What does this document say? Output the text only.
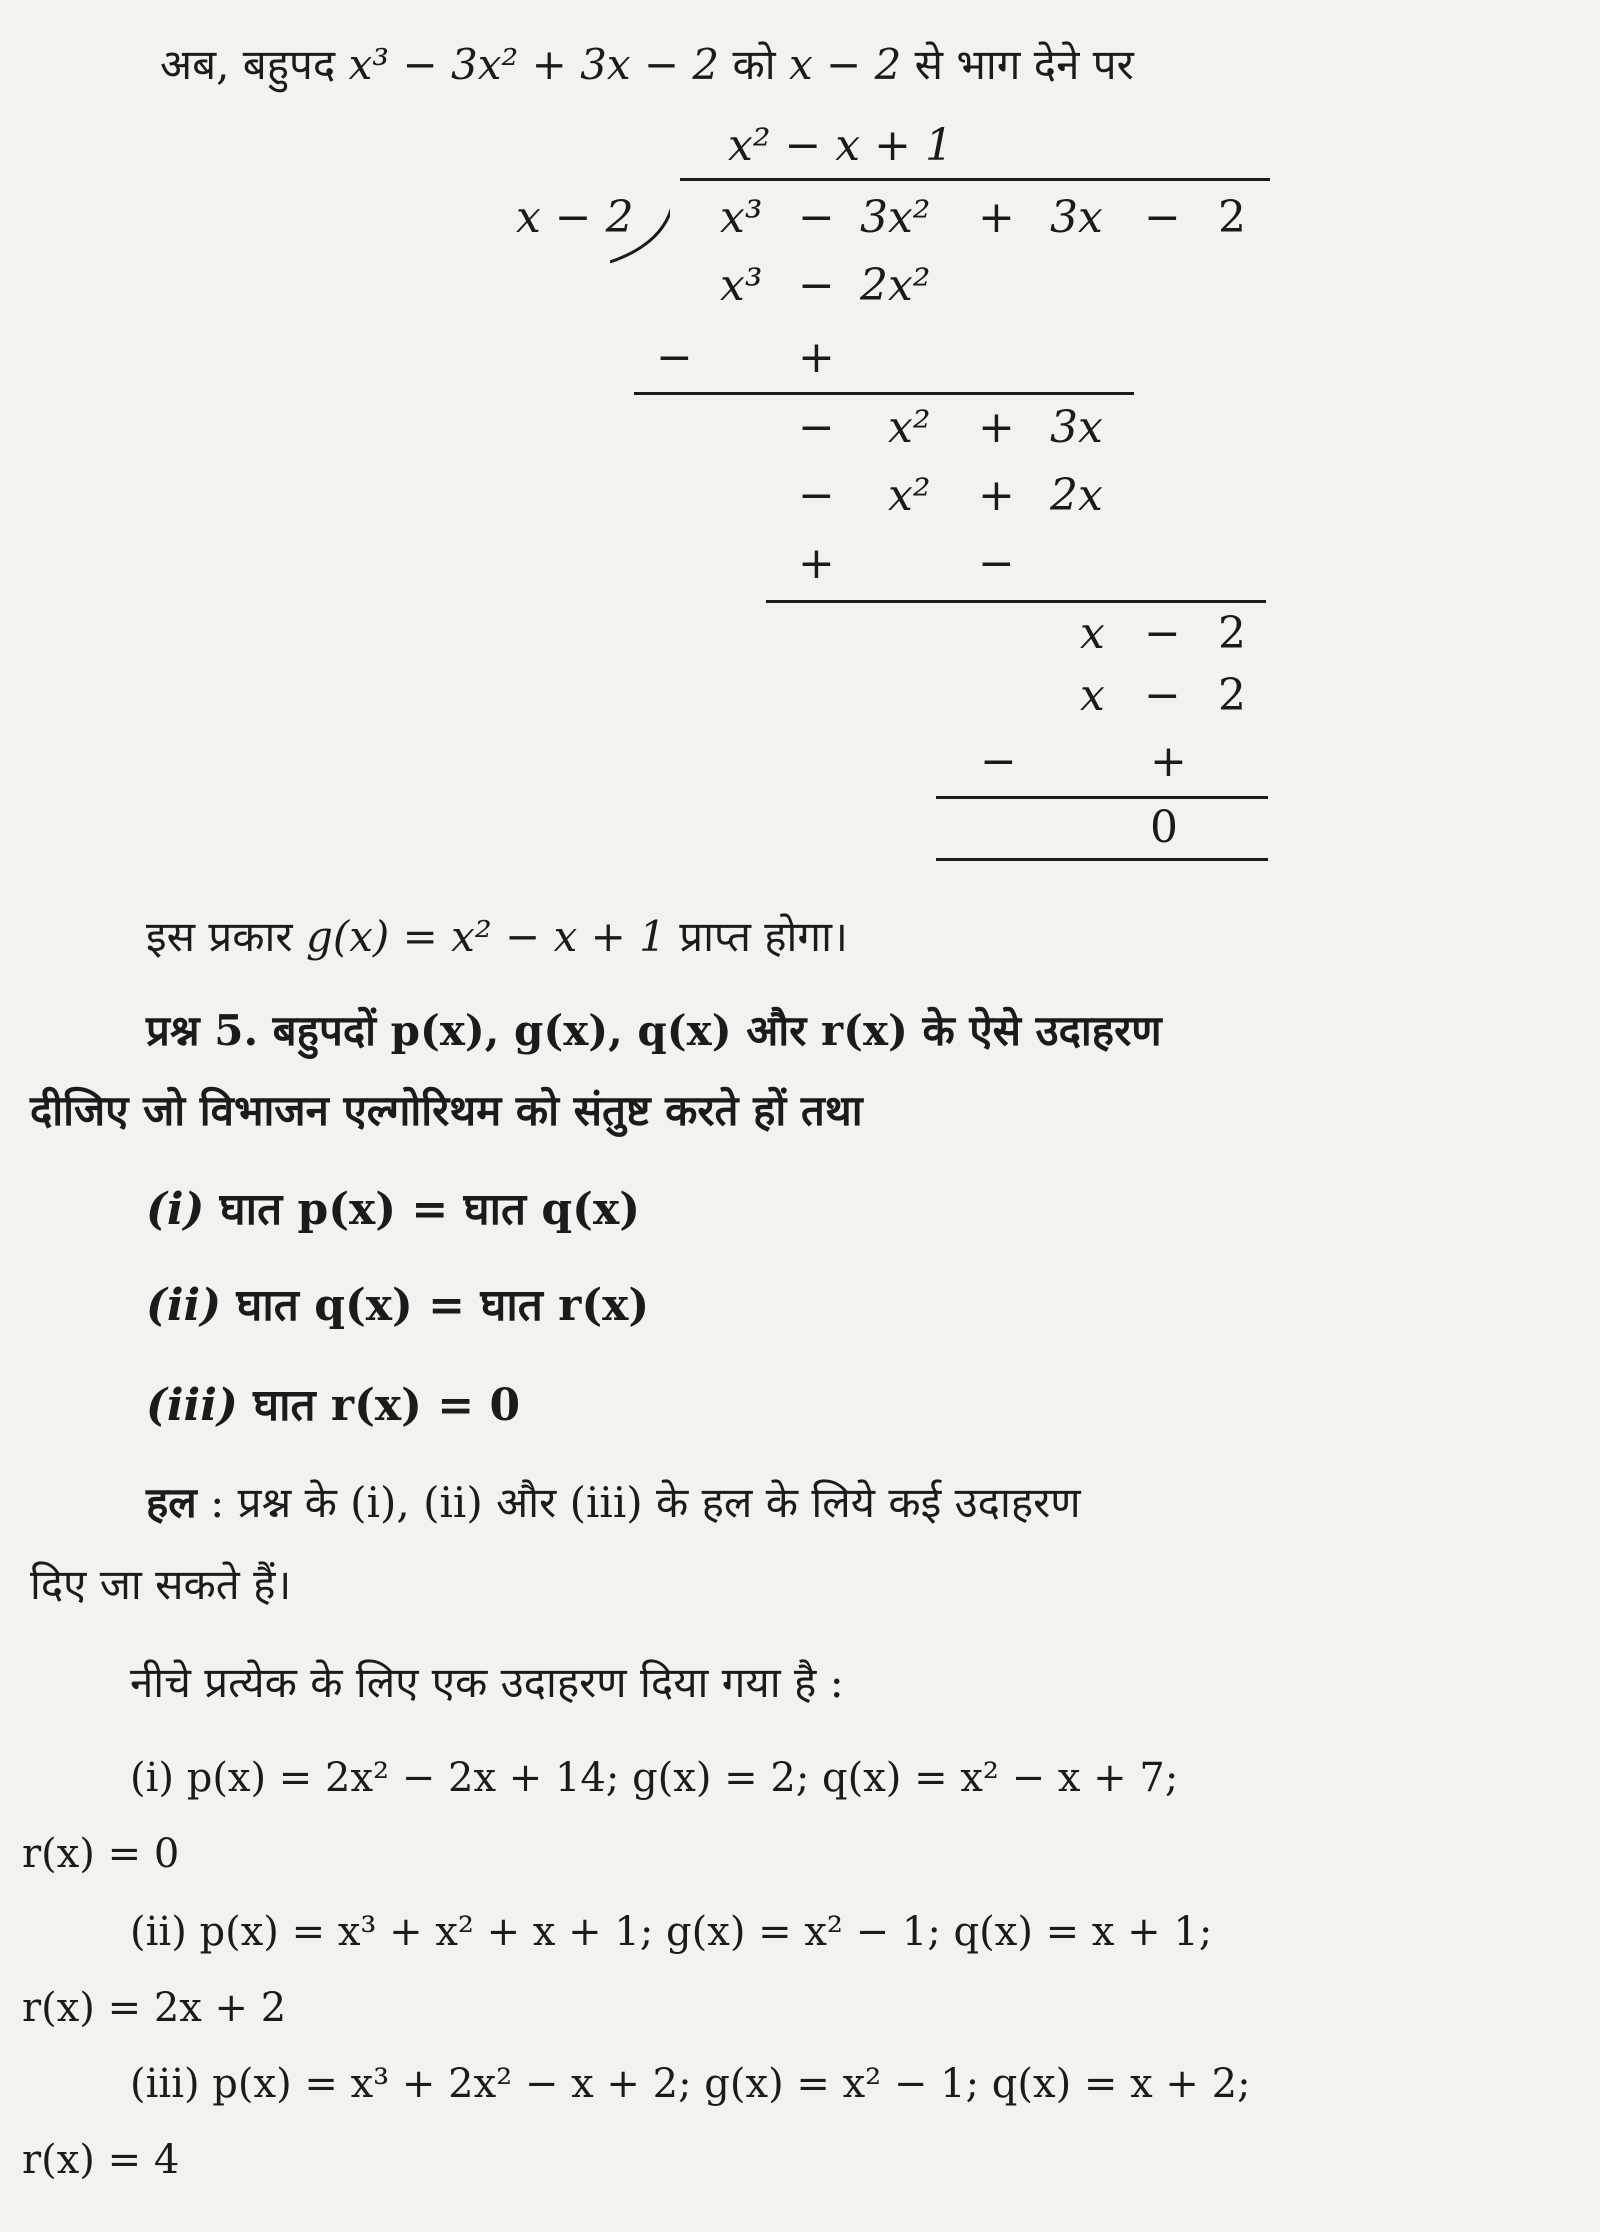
अब, बहुपद x³ − 3x² + 3x − 2 को x − 2 से भाग देने पर
x² − x + 1
x − 2 x³ − 3x² + 3x − 2
x³ − 2x²
− +
− x² + 3x
− x² + 2x
+	−
x − 2
x − 2
−	+
0
इस प्रकार g(x) = x² − x + 1 प्राप्त होगा।
प्रश्न 5. बहुपदों p(x), g(x), q(x) और r(x) के ऐसे उदाहरण
दीजिए जो विभाजन एल्गोरिथम को संतुष्ट करते हों तथा
(i) घात p(x) = घात q(x)
(ii) घात q(x) = घात r(x)
(iii) घात r(x) = 0
हल : प्रश्न के (i), (ii) और (iii) के हल के लिये कई उदाहरण
दिए जा सकते हैं।
नीचे प्रत्येक के लिए एक उदाहरण दिया गया है :
(i) p(x) = 2x² − 2x + 14; g(x) = 2; q(x) = x² − x + 7;
r(x) = 0
(ii) p(x) = x³ + x² + x + 1; g(x) = x² − 1; q(x) = x + 1;
r(x) = 2x + 2
(iii) p(x) = x³ + 2x² − x + 2; g(x) = x² − 1; q(x) = x + 2;
r(x) = 4
